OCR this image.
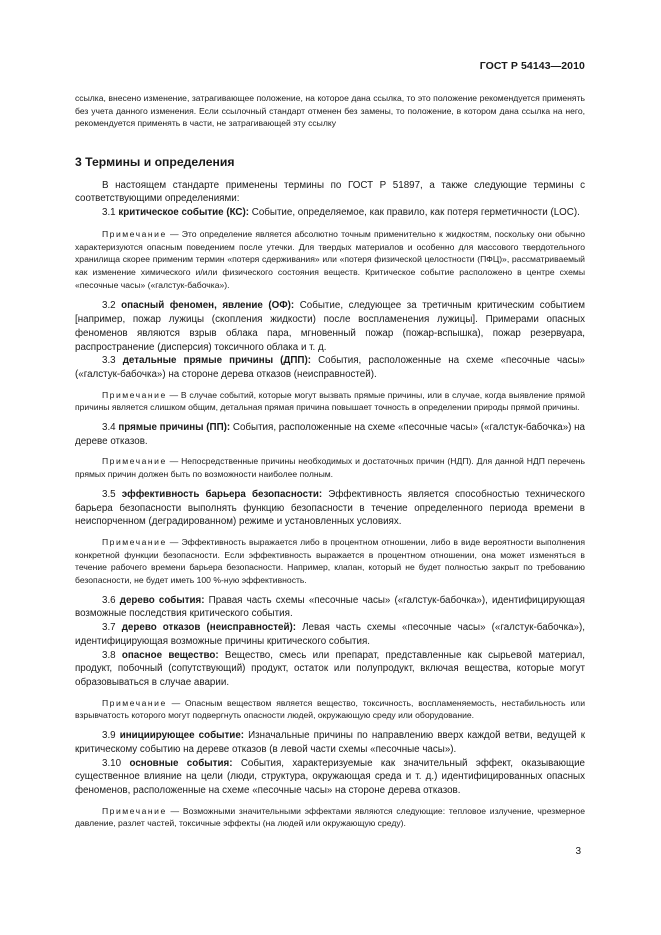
ГОСТ Р 54143—2010

ссылка, внесено изменение, затрагивающее положение, на которое дана ссылка, то это положение рекомендуется применять без учета данного изменения. Если ссылочный стандарт отменен без замены, то положение, в котором дана ссылка на него, рекомендуется применять в части, не затрагивающей эту ссылку

3 Термины и определения

В настоящем стандарте применены термины по ГОСТ Р 51897, а также следующие термины с соответствующими определениями:

3.1 критическое событие (КС): Событие, определяемое, как правило, как потеря герметичности (LOC).

Примечание — Это определение является абсолютно точным применительно к жидкостям, поскольку они обычно характеризуются опасным поведением после утечки. Для твердых материалов и особенно для массового твердотельного хранилища скорее применим термин «потеря сдерживания» или «потеря физической целостности (ПФЦ)», рассматриваемый как изменение химического и/или физического состояния веществ. Критическое событие расположено в центре схемы «песочные часы» («галстук-бабочка»).

3.2 опасный феномен, явление (ОФ): Событие, следующее за третичным критическим событием [например, пожар лужицы (скопления жидкости) после воспламенения лужицы]. Примерами опасных феноменов являются взрыв облака пара, мгновенный пожар (пожар-вспышка), пожар резервуара, распространение (дисперсия) токсичного облака и т. д.

3.3 детальные прямые причины (ДПП): События, расположенные на схеме «песочные часы» («галстук-бабочка») на стороне дерева отказов (неисправностей).

Примечание — В случае событий, которые могут вызвать прямые причины, или в случае, когда выявление прямой причины является слишком общим, детальная прямая причина повышает точность в определении природы прямой причины.

3.4 прямые причины (ПП): События, расположенные на схеме «песочные часы» («галстук-бабочка») на дереве отказов.

Примечание — Непосредственные причины необходимых и достаточных причин (НДП). Для данной НДП перечень прямых причин должен быть по возможности наиболее полным.

3.5 эффективность барьера безопасности: Эффективность является способностью технического барьера безопасности выполнять функцию безопасности в течение определенного периода времени в неиспорченном (деградированном) режиме и установленных условиях.

Примечание — Эффективность выражается либо в процентном отношении, либо в виде вероятности выполнения конкретной функции безопасности. Если эффективность выражается в процентном отношении, она может изменяться в течение рабочего времени барьера безопасности. Например, клапан, который не будет полностью закрыт по требованию безопасности, не будет иметь 100 %-ную эффективность.

3.6 дерево события: Правая часть схемы «песочные часы» («галстук-бабочка»), идентифицирующая возможные последствия критического события.

3.7 дерево отказов (неисправностей): Левая часть схемы «песочные часы» («галстук-бабочка»), идентифицирующая возможные причины критического события.

3.8 опасное вещество: Вещество, смесь или препарат, представленные как сырьевой материал, продукт, побочный (сопутствующий) продукт, остаток или полупродукт, включая вещества, которые могут образовываться в случае аварии.

Примечание — Опасным веществом является вещество, токсичность, воспламеняемость, нестабильность или взрывчатость которого могут подвергнуть опасности людей, окружающую среду или оборудование.

3.9 инициирующее событие: Изначальные причины по направлению вверх каждой ветви, ведущей к критическому событию на дереве отказов (в левой части схемы «песочные часы»).

3.10 основные события: События, характеризуемые как значительный эффект, оказывающие существенное влияние на цели (люди, структура, окружающая среда и т. д.) идентифицированных опасных феноменов, расположенные на схеме «песочные часы» на стороне дерева отказов.

Примечание — Возможными значительными эффектами являются следующие: тепловое излучение, чрезмерное давление, разлет частей, токсичные эффекты (на людей или окружающую среду).

3
